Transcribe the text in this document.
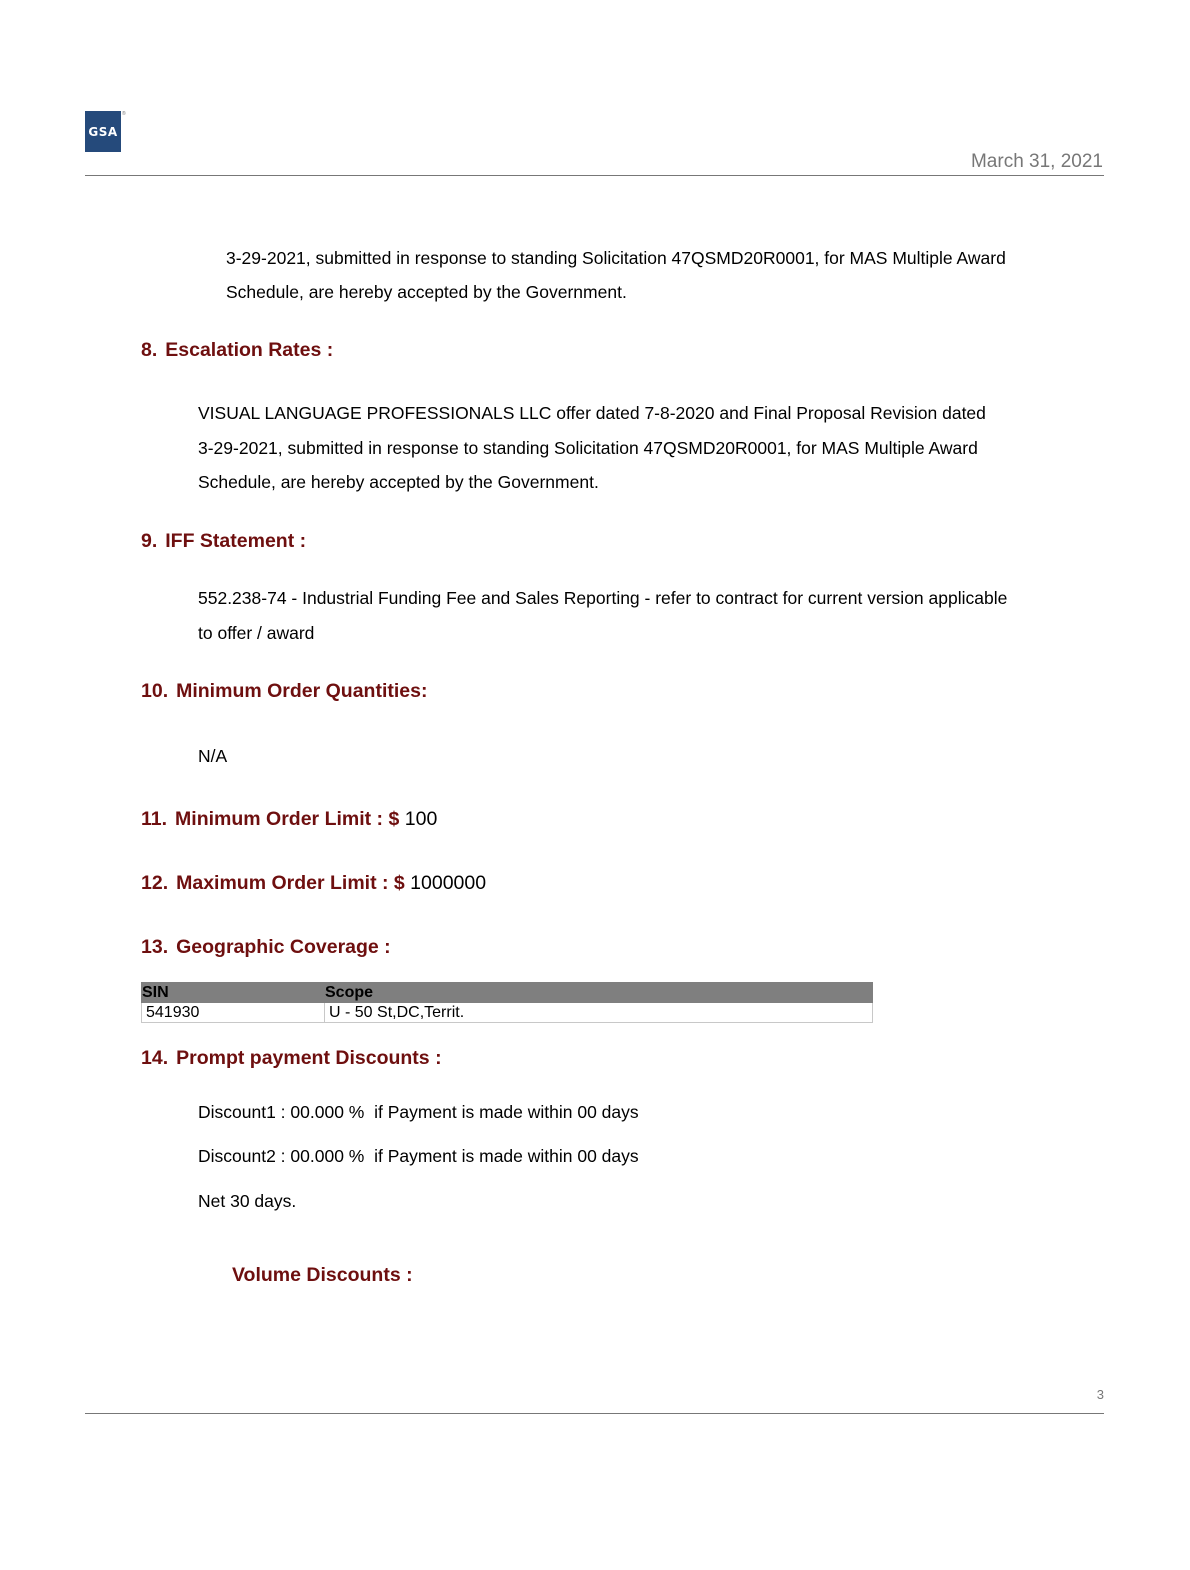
GSA
®
March 31, 2021

3-29-2021, submitted in response to standing Solicitation 47QSMD20R0001, for MAS Multiple Award

Schedule, are hereby accepted by the Government.

8. Escalation Rates :

VISUAL LANGUAGE PROFESSIONALS LLC offer dated 7-8-2020 and Final Proposal Revision dated

3-29-2021, submitted in response to standing Solicitation 47QSMD20R0001, for MAS Multiple Award

Schedule, are hereby accepted by the Government.

9. IFF Statement :

552.238-74 - Industrial Funding Fee and Sales Reporting - refer to contract for current version applicable

to offer / award

10. Minimum Order Quantities:

N/A

11. Minimum Order Limit : $ 100
12. Maximum Order Limit : $ 1000000
13. Geographic Coverage :
SIN	Scope
541930	U - 50 St,DC,Territ.
14. Prompt payment Discounts :

Discount1 : 00.000 %  if Payment is made within 00 days

Discount2 : 00.000 %  if Payment is made within 00 days

Net 30 days.

Volume Discounts :
3
